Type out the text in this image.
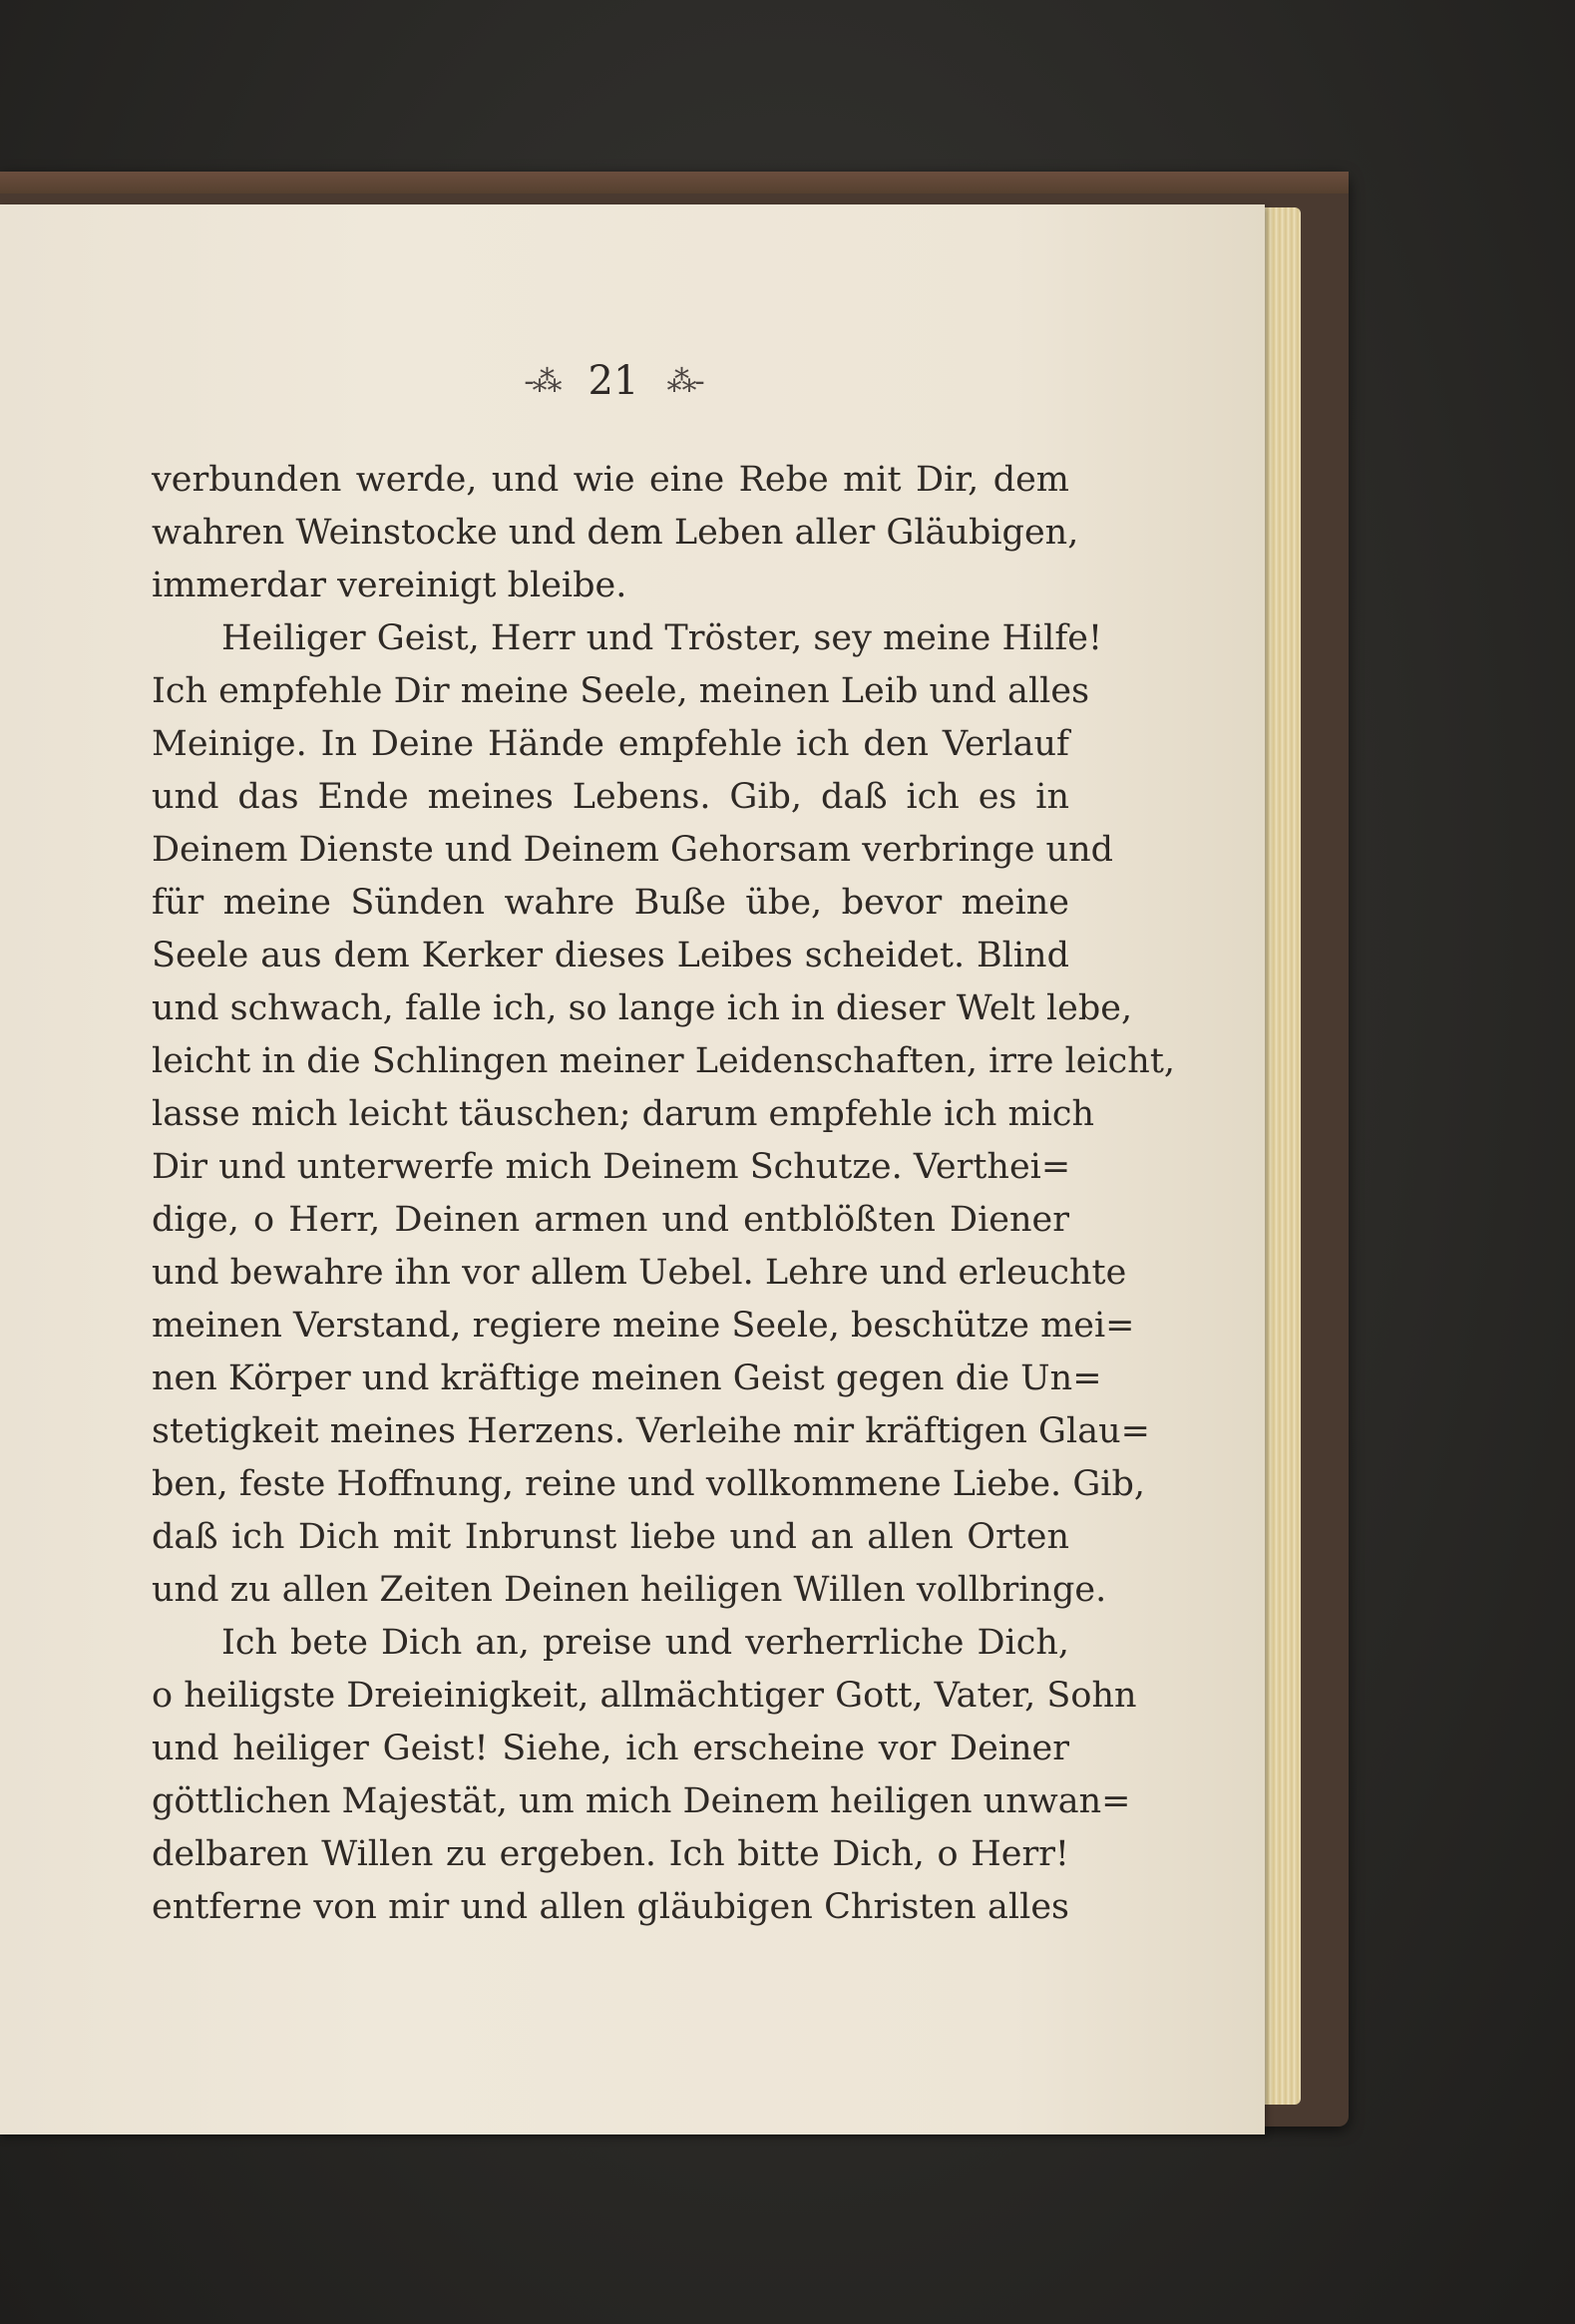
-⁂ 21 ⁂-
verbunden werde, und wie eine Rebe mit Dir, dem
wahren Weinstocke und dem Leben aller Gläubigen,
immerdar vereinigt bleibe.
Heiliger Geist, Herr und Tröster, sey meine Hilfe!
Ich empfehle Dir meine Seele, meinen Leib und alles
Meinige. In Deine Hände empfehle ich den Verlauf
und das Ende meines Lebens. Gib, daß ich es in
Deinem Dienste und Deinem Gehorsam verbringe und
für meine Sünden wahre Buße übe, bevor meine
Seele aus dem Kerker dieses Leibes scheidet. Blind
und schwach, falle ich, so lange ich in dieser Welt lebe,
leicht in die Schlingen meiner Leidenschaften, irre leicht,
lasse mich leicht täuschen; darum empfehle ich mich
Dir und unterwerfe mich Deinem Schutze. Verthei=
dige, o Herr, Deinen armen und entblößten Diener
und bewahre ihn vor allem Uebel. Lehre und erleuchte
meinen Verstand, regiere meine Seele, beschütze mei=
nen Körper und kräftige meinen Geist gegen die Un=
stetigkeit meines Herzens. Verleihe mir kräftigen Glau=
ben, feste Hoffnung, reine und vollkommene Liebe. Gib,
daß ich Dich mit Inbrunst liebe und an allen Orten
und zu allen Zeiten Deinen heiligen Willen vollbringe.
Ich bete Dich an, preise und verherrliche Dich,
o heiligste Dreieinigkeit, allmächtiger Gott, Vater, Sohn
und heiliger Geist! Siehe, ich erscheine vor Deiner
göttlichen Majestät, um mich Deinem heiligen unwan=
delbaren Willen zu ergeben. Ich bitte Dich, o Herr!
entferne von mir und allen gläubigen Christen alles
